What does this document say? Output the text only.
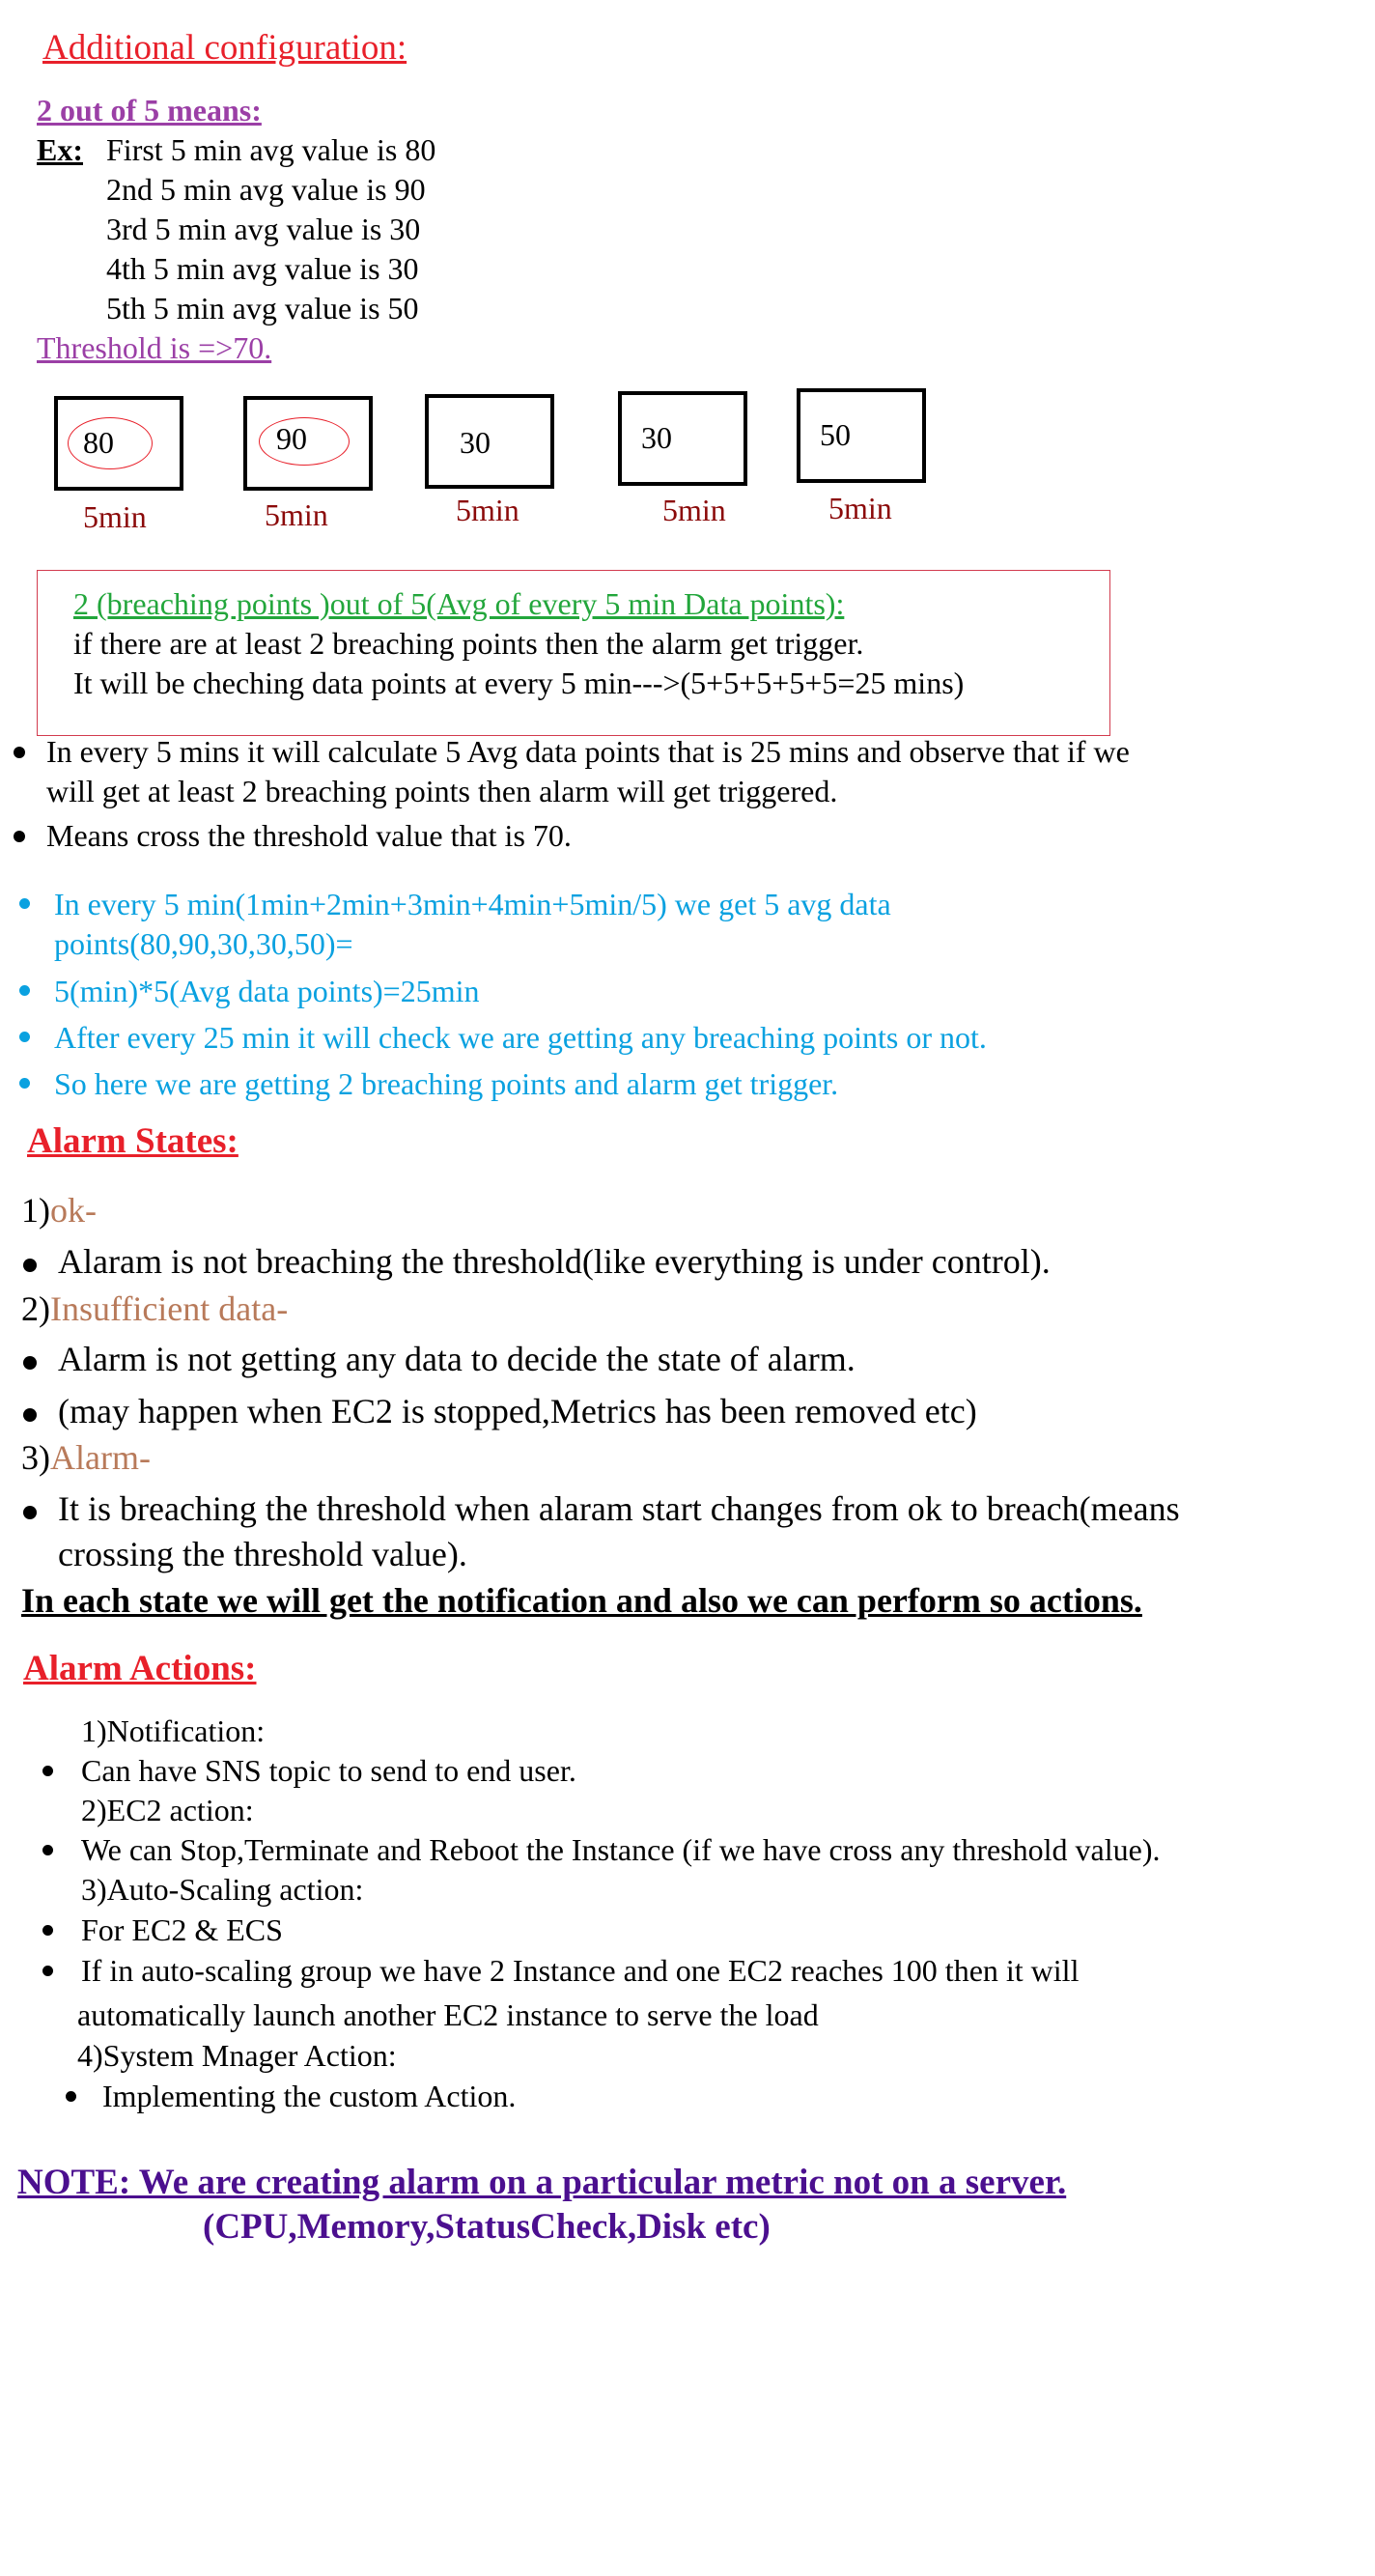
Additional configuration:
2 out of 5 means:
Ex: First 5 min avg value is 80
2nd 5 min avg value is 90
3rd 5 min avg value is 30
4th 5 min avg value is 30
5th 5 min avg value is 50
Threshold is =>70.
80
5min
90
5min
30
5min
30
5min
50
5min
2 (breaching points )out of 5(Avg of every 5 min Data points):
if there are at least 2 breaching points then the alarm get trigger.
It will be cheching data points at every 5 min--->(5+5+5+5+5=25 mins)
In every 5 mins it will calculate 5 Avg data points that is 25 mins and observe that if we
will get at least 2 breaching points then alarm will get triggered.
Means cross the threshold value that is 70.
In every 5 min(1min+2min+3min+4min+5min/5) we get 5 avg data
points(80,90,30,30,50)=
5(min)*5(Avg data points)=25min
After every 25 min it will check we are getting any breaching points or not.
So here we are getting 2 breaching points and alarm get trigger.
Alarm States:
1)ok-
Alaram is not breaching the threshold(like everything is under control).
2)Insufficient data-
Alarm is not getting any data to decide the state of alarm.
(may happen when EC2 is stopped,Metrics has been removed etc)
3)Alarm-
It is breaching the threshold when alaram start changes from ok to breach(means
crossing the threshold value).
In each state we will get the notification and also we can perform so actions.
Alarm Actions:
1)Notification:
Can have SNS topic to send to end user.
2)EC2 action:
We can Stop,Terminate and Reboot the Instance (if we have cross any threshold value).
3)Auto-Scaling action:
For EC2 & ECS
If in auto-scaling group we have 2 Instance and one EC2 reaches 100 then it will
automatically launch another EC2 instance to serve the load
4)System Mnager Action:
Implementing the custom Action.
NOTE: We are creating alarm on a particular metric not on a server.
(CPU,Memory,StatusCheck,Disk etc)
